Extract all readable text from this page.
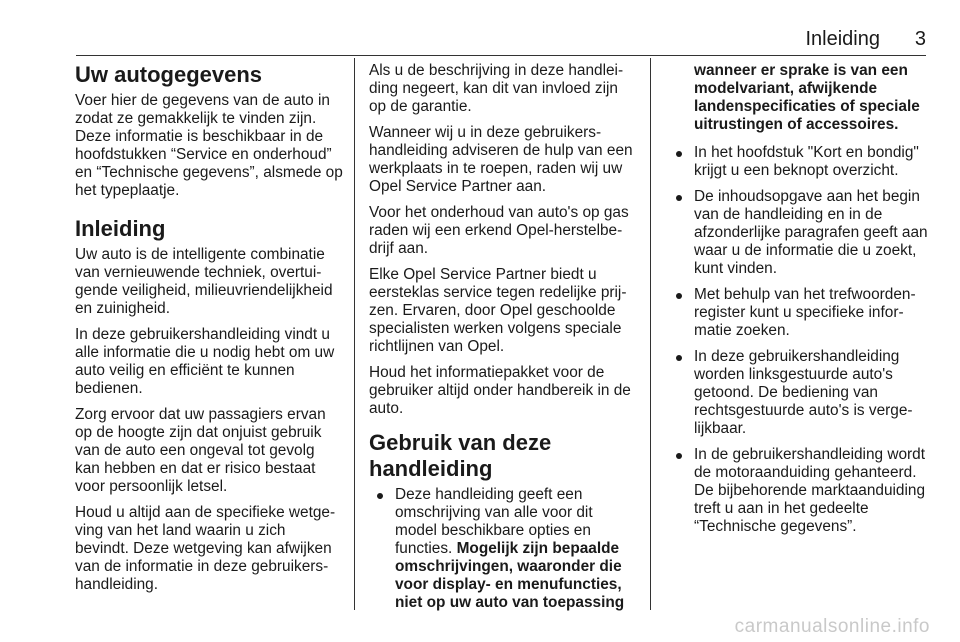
Inleiding 3
Uw autogegevens

Voer hier de gegevens van de auto in zodat ze gemakkelijk te vinden zijn. Deze informatie is beschikbaar in de hoofdstukken “Service en onderhoud” en “Technische gegevens”, alsmede op het typeplaatje.

Inleiding

Uw auto is de intelligente combinatie van vernieuwende techniek, overtuigende veiligheid, milieuvriendelijkheid en zuinigheid.

In deze gebruikershandleiding vindt u alle informatie die u nodig hebt om uw auto veilig en efficiënt te kunnen bedienen.

Zorg ervoor dat uw passagiers ervan op de hoogte zijn dat onjuist gebruik van de auto een ongeval tot gevolg kan hebben en dat er risico bestaat voor persoonlijk letsel.

Houd u altijd aan de specifieke wetgeving van het land waarin u zich bevindt. Deze wetgeving kan afwijken van de informatie in deze gebruikershandleiding.

Als u de beschrijving in deze handleiding negeert, kan dit van invloed zijn op de garantie.

Wanneer wij u in deze gebruikershandleiding adviseren de hulp van een werkplaats in te roepen, raden wij uw Opel Service Partner aan.

Voor het onderhoud van auto's op gas raden wij een erkend Opel-herstelbedrijf aan.

Elke Opel Service Partner biedt u eersteklas service tegen redelijke prijzen. Ervaren, door Opel geschoolde specialisten werken volgens speciale richtlijnen van Opel.

Houd het informatiepakket voor de gebruiker altijd onder handbereik in de auto.

Gebruik van deze handleiding
Deze handleiding geeft een omschrijving van alle voor dit model beschikbare opties en functies. Mogelijk zijn bepaalde omschrijvingen, waaronder die voor display- en menufuncties, niet op uw auto van toepassing
wanneer er sprake is van een modelvariant, afwijkende landenspecificaties of speciale uitrustingen of accessoires.
In het hoofdstuk "Kort en bondig" krijgt u een beknopt overzicht.
De inhoudsopgave aan het begin van de handleiding en in de afzonderlijke paragrafen geeft aan waar u de informatie die u zoekt, kunt vinden.
Met behulp van het trefwoordenregister kunt u specifieke informatie zoeken.
In deze gebruikershandleiding worden linksgestuurde auto's getoond. De bediening van rechtsgestuurde auto's is vergelijkbaar.
In de gebruikershandleiding wordt de motoraanduiding gehanteerd. De bijbehorende marktaanduiding treft u aan in het gedeelte “Technische gegevens”.
carmanualsonline.info
